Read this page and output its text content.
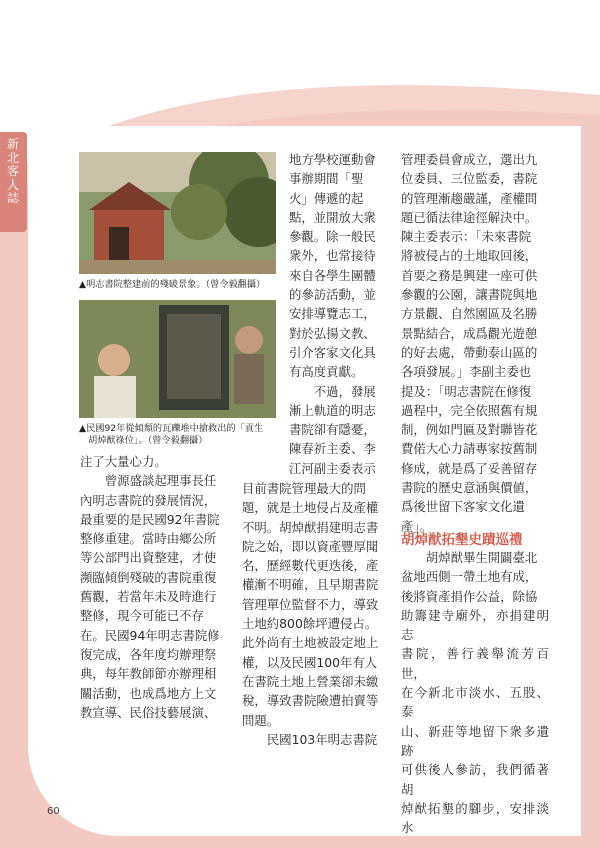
新北客人誌
▲明志書院整建前的殘破景象。（曾令毅翻攝）
▲民國92年從傾頹的瓦礫堆中搶救出的「貢生
胡焯猷祿位」。（曾令毅翻攝）

注了大量心力。

曾源盛談起理事長任

內明志書院的發展情況，

最重要的是民國92年書院

整修重建。當時由鄉公所

等公部門出資整建，才使

瀕臨傾倒殘破的書院重復

舊觀，若當年未及時進行

整修，現今可能已不存

在。民國94年明志書院修

復完成，各年度均辦理祭

典，每年教師節亦辦理相

關活動，也成爲地方上文

教宣導、民俗技藝展演、

地方學校運動會

事辦期間「聖

火」傳遞的起

點，並開放大衆

參觀。除一般民

衆外，也常接待

來自各學生團體

的參訪活動，並

安排導覽志工，

對於弘揚文教、

引介客家文化具

有高度貢獻。

不過，發展

漸上軌道的明志

書院卻有隱憂，

陳春祈主委、李

江河副主委表示

目前書院管理最大的問

題，就是土地侵占及產權

不明。胡焯猷捐建明志書

院之始，即以資產豐厚聞

名，歷經數代更迭後，產

權漸不明確，且早期書院

管理單位監督不力，導致

土地約800餘坪遭侵占。

此外尚有土地被設定地上

權，以及民國100年有人

在書院土地上營業卻未繳

稅，導致書院險遭拍賣等

問題。

民國103年明志書院

管理委員會成立，選出九

位委員、三位監委，書院

的管理漸趨嚴謹，產權問

題已循法律途徑解決中。

陳主委表示：「未來書院

將被侵占的土地取回後，

首要之務是興建一座可供

參觀的公園，讓書院與地

方景觀、自然園區及名勝

景點結合，成爲觀光遊憩

的好去處，帶動泰山區的

各項發展。」李副主委也

提及：「明志書院在修復

過程中，完全依照舊有規

制，例如門匾及對聯皆花

費偌大心力請專家按舊制

修成，就是爲了妥善留存

書院的歷史意涵與價値，

爲後世留下客家文化遺

產」。

胡焯猷拓墾史蹟巡禮

胡焯猷畢生開闢臺北

盆地西側一帶土地有成，

後將資產捐作公益，除協

助籌建寺廟外，亦捐建明志

書院，善行義舉流芳百世，

在今新北市淡水、五股、泰

山、新莊等地留下衆多遺跡

可供後人參訪，我們循著胡

焯猷拓墾的腳步，安排淡水

60
